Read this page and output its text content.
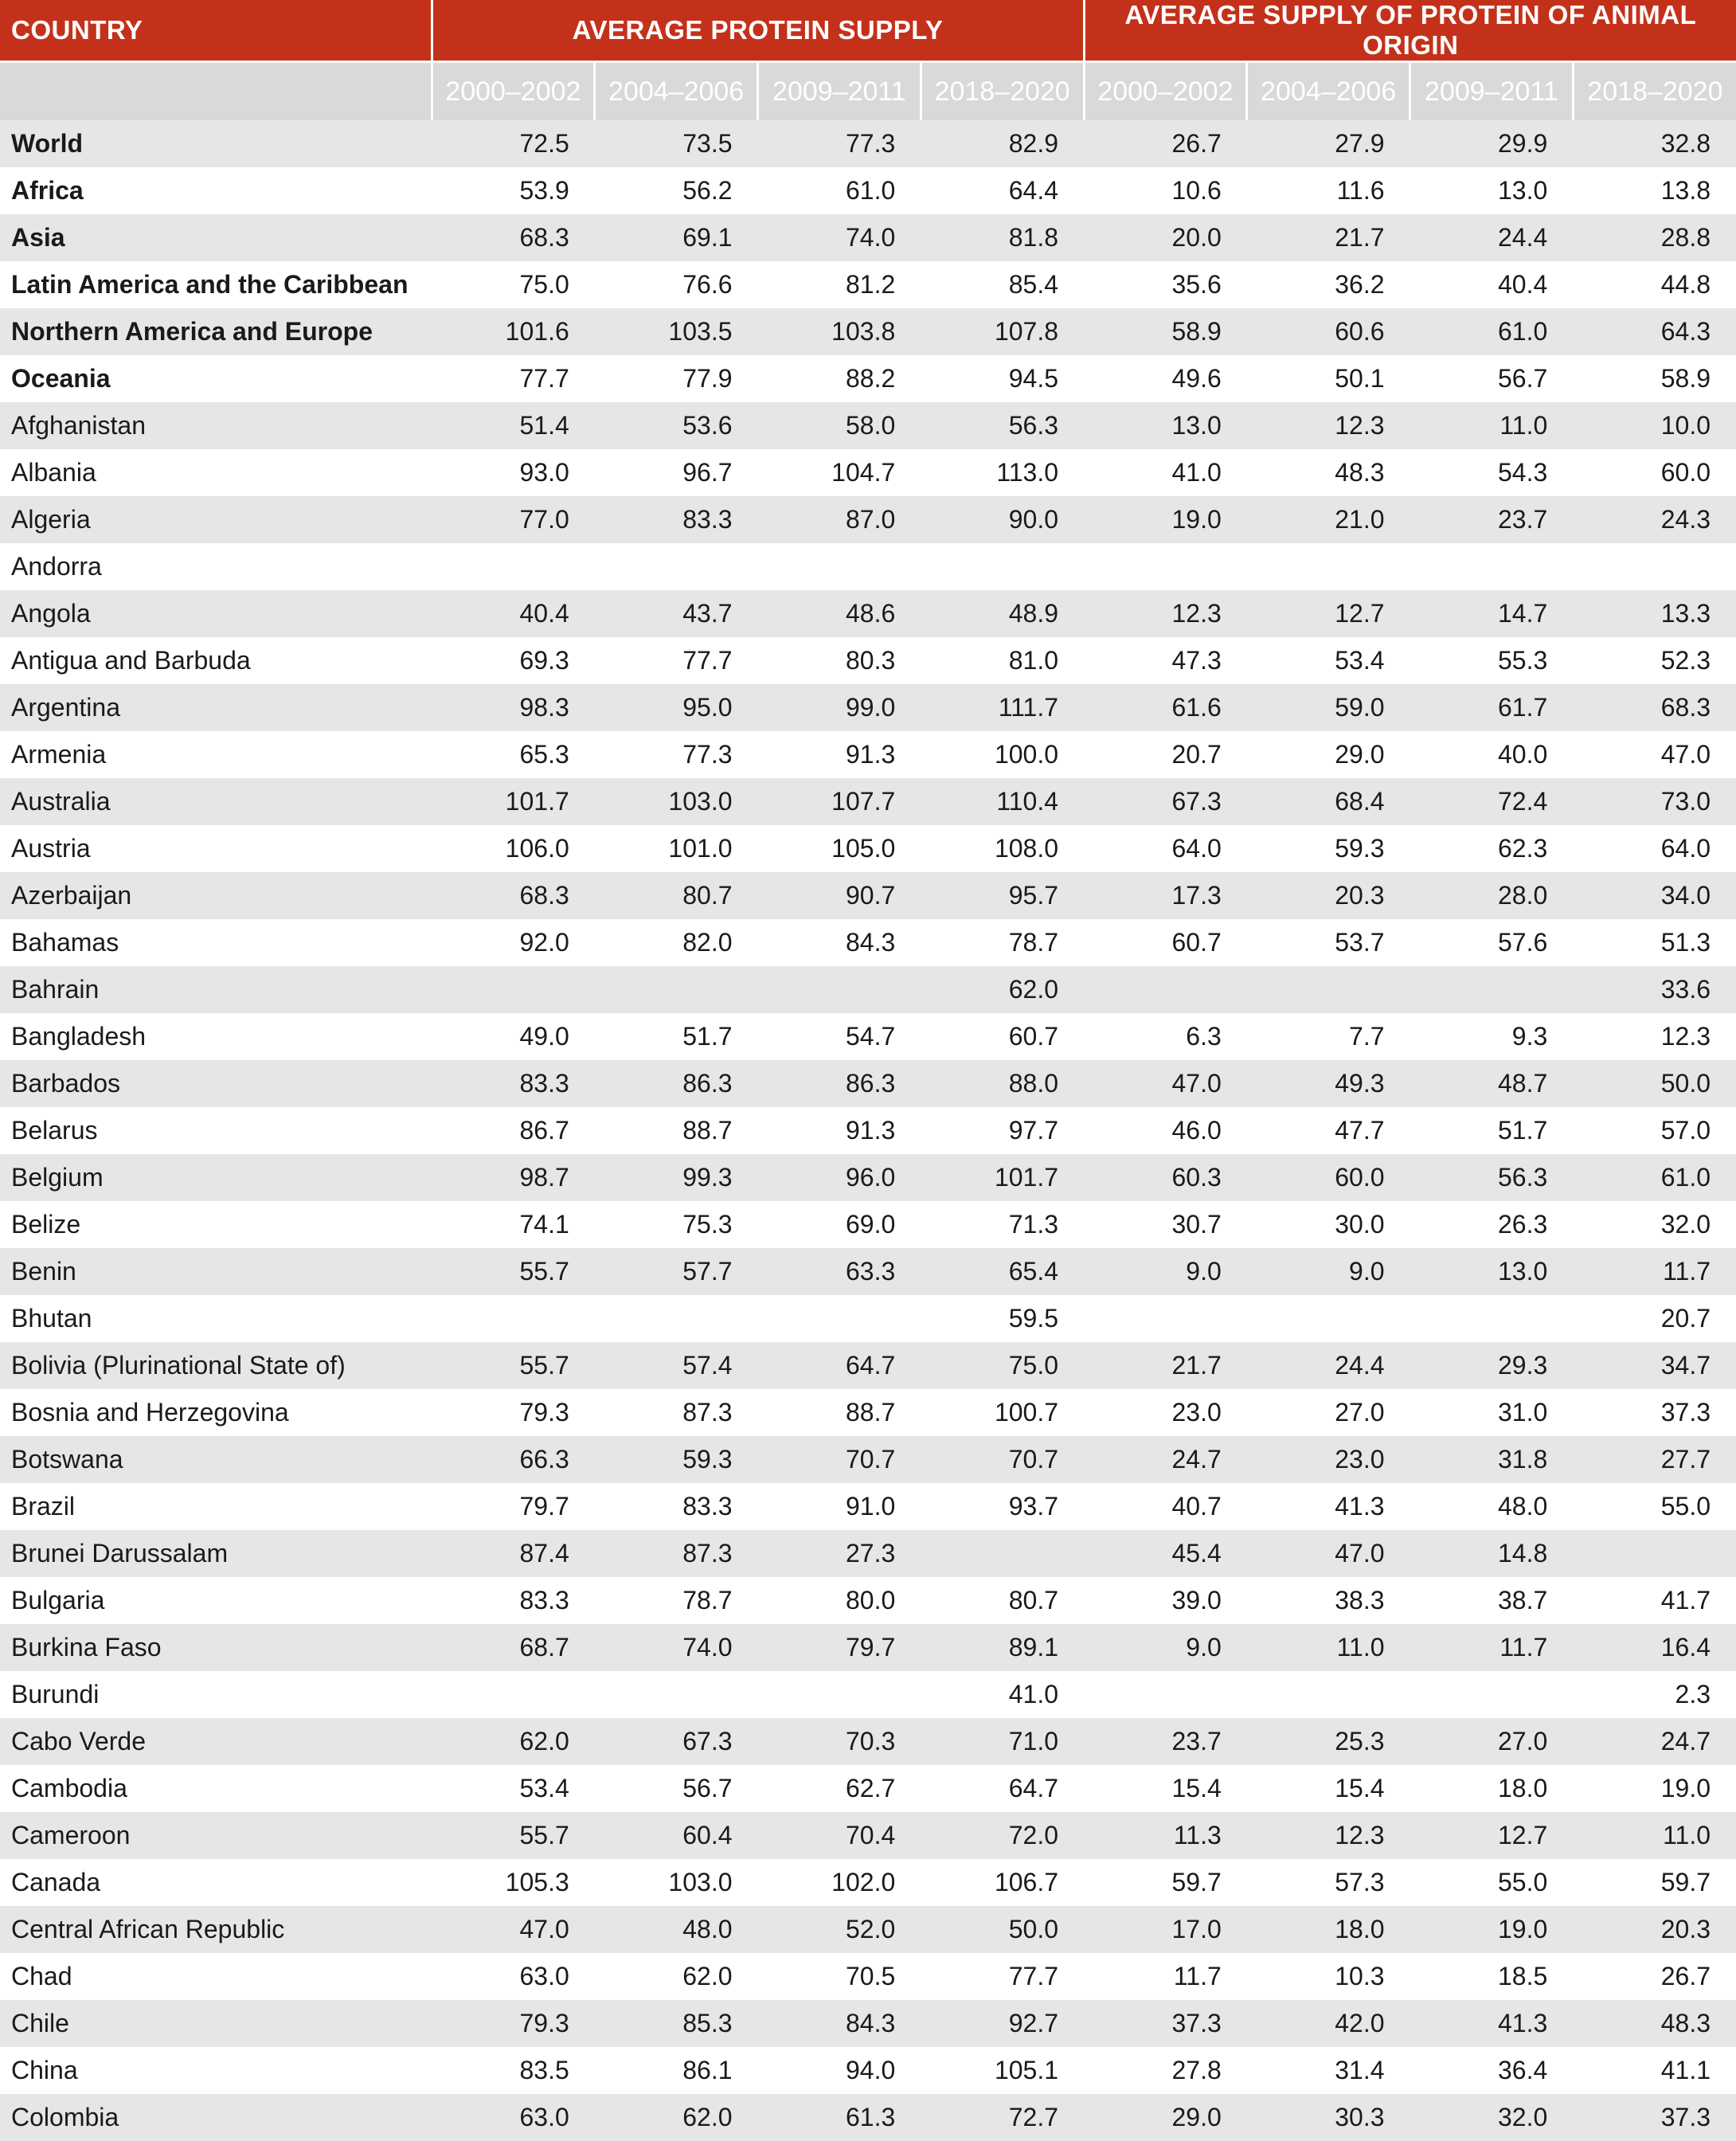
COUNTRY	AVERAGE PROTEIN SUPPLY				AVERAGE SUPPLY OF PROTEIN OF ANIMAL ORIGIN			
	2000–2002	2004–2006	2009–2011	2018–2020	2000–2002	2004–2006	2009–2011	2018–2020
World	72.5	73.5	77.3	82.9	26.7	27.9	29.9	32.8
Africa	53.9	56.2	61.0	64.4	10.6	11.6	13.0	13.8
Asia	68.3	69.1	74.0	81.8	20.0	21.7	24.4	28.8
Latin America and the Caribbean	75.0	76.6	81.2	85.4	35.6	36.2	40.4	44.8
Northern America and Europe	101.6	103.5	103.8	107.8	58.9	60.6	61.0	64.3
Oceania	77.7	77.9	88.2	94.5	49.6	50.1	56.7	58.9
Afghanistan	51.4	53.6	58.0	56.3	13.0	12.3	11.0	10.0
Albania	93.0	96.7	104.7	113.0	41.0	48.3	54.3	60.0
Algeria	77.0	83.3	87.0	90.0	19.0	21.0	23.7	24.3
Andorra								
Angola	40.4	43.7	48.6	48.9	12.3	12.7	14.7	13.3
Antigua and Barbuda	69.3	77.7	80.3	81.0	47.3	53.4	55.3	52.3
Argentina	98.3	95.0	99.0	111.7	61.6	59.0	61.7	68.3
Armenia	65.3	77.3	91.3	100.0	20.7	29.0	40.0	47.0
Australia	101.7	103.0	107.7	110.4	67.3	68.4	72.4	73.0
Austria	106.0	101.0	105.0	108.0	64.0	59.3	62.3	64.0
Azerbaijan	68.3	80.7	90.7	95.7	17.3	20.3	28.0	34.0
Bahamas	92.0	82.0	84.3	78.7	60.7	53.7	57.6	51.3
Bahrain				62.0				33.6
Bangladesh	49.0	51.7	54.7	60.7	6.3	7.7	9.3	12.3
Barbados	83.3	86.3	86.3	88.0	47.0	49.3	48.7	50.0
Belarus	86.7	88.7	91.3	97.7	46.0	47.7	51.7	57.0
Belgium	98.7	99.3	96.0	101.7	60.3	60.0	56.3	61.0
Belize	74.1	75.3	69.0	71.3	30.7	30.0	26.3	32.0
Benin	55.7	57.7	63.3	65.4	9.0	9.0	13.0	11.7
Bhutan				59.5				20.7
Bolivia (Plurinational State of)	55.7	57.4	64.7	75.0	21.7	24.4	29.3	34.7
Bosnia and Herzegovina	79.3	87.3	88.7	100.7	23.0	27.0	31.0	37.3
Botswana	66.3	59.3	70.7	70.7	24.7	23.0	31.8	27.7
Brazil	79.7	83.3	91.0	93.7	40.7	41.3	48.0	55.0
Brunei Darussalam	87.4	87.3	27.3		45.4	47.0	14.8	
Bulgaria	83.3	78.7	80.0	80.7	39.0	38.3	38.7	41.7
Burkina Faso	68.7	74.0	79.7	89.1	9.0	11.0	11.7	16.4
Burundi				41.0				2.3
Cabo Verde	62.0	67.3	70.3	71.0	23.7	25.3	27.0	24.7
Cambodia	53.4	56.7	62.7	64.7	15.4	15.4	18.0	19.0
Cameroon	55.7	60.4	70.4	72.0	11.3	12.3	12.7	11.0
Canada	105.3	103.0	102.0	106.7	59.7	57.3	55.0	59.7
Central African Republic	47.0	48.0	52.0	50.0	17.0	18.0	19.0	20.3
Chad	63.0	62.0	70.5	77.7	11.7	10.3	18.5	26.7
Chile	79.3	85.3	84.3	92.7	37.3	42.0	41.3	48.3
China	83.5	86.1	94.0	105.1	27.8	31.4	36.4	41.1
Colombia	63.0	62.0	61.3	72.7	29.0	30.3	32.0	37.3
